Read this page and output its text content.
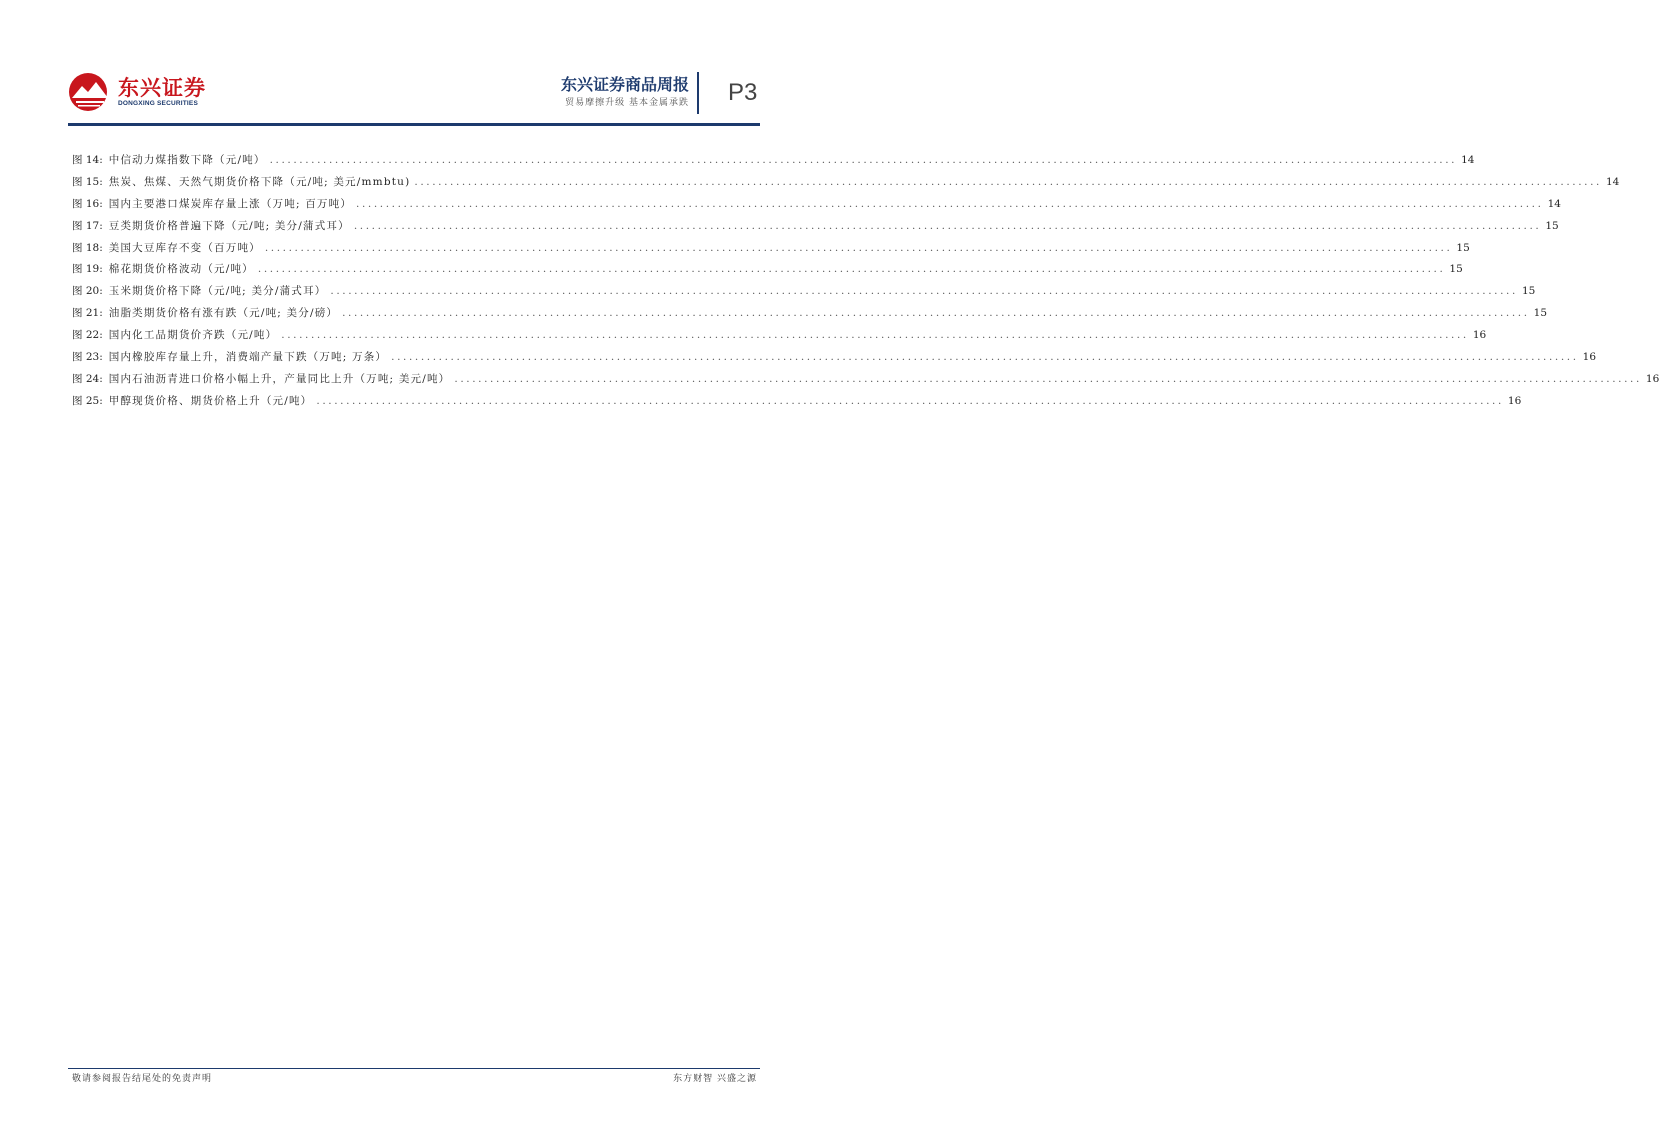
东兴证券
DONGXING SECURITIES
东兴证券商品周报
贸易摩擦升级 基本金属承跌 P3
图 14: 中信动力煤指数下降（元/吨） ........................................................................................................................................................................................................ 14
图 15: 焦炭、焦煤、天然气期货价格下降（元/吨; 美元/mmbtu) ........................................................................................................................................................................................................ 14
图 16: 国内主要港口煤炭库存量上涨（万吨; 百万吨） ........................................................................................................................................................................................................ 14
图 17: 豆类期货价格普遍下降（元/吨; 美分/蒲式耳） ........................................................................................................................................................................................................ 15
图 18: 美国大豆库存不变（百万吨） ........................................................................................................................................................................................................ 15
图 19: 棉花期货价格波动（元/吨） ........................................................................................................................................................................................................ 15
图 20: 玉米期货价格下降（元/吨; 美分/蒲式耳） ........................................................................................................................................................................................................ 15
图 21: 油脂类期货价格有涨有跌（元/吨; 美分/磅） ........................................................................................................................................................................................................ 15
图 22: 国内化工品期货价齐跌（元/吨） ........................................................................................................................................................................................................ 16
图 23: 国内橡胶库存量上升，消费端产量下跌（万吨; 万条） ........................................................................................................................................................................................................ 16
图 24: 国内石油沥青进口价格小幅上升，产量同比上升（万吨; 美元/吨） ........................................................................................................................................................................................................ 16
图 25: 甲醇现货价格、期货价格上升（元/吨） ........................................................................................................................................................................................................ 16
敬请参阅报告结尾处的免责声明	东方财智 兴盛之源
